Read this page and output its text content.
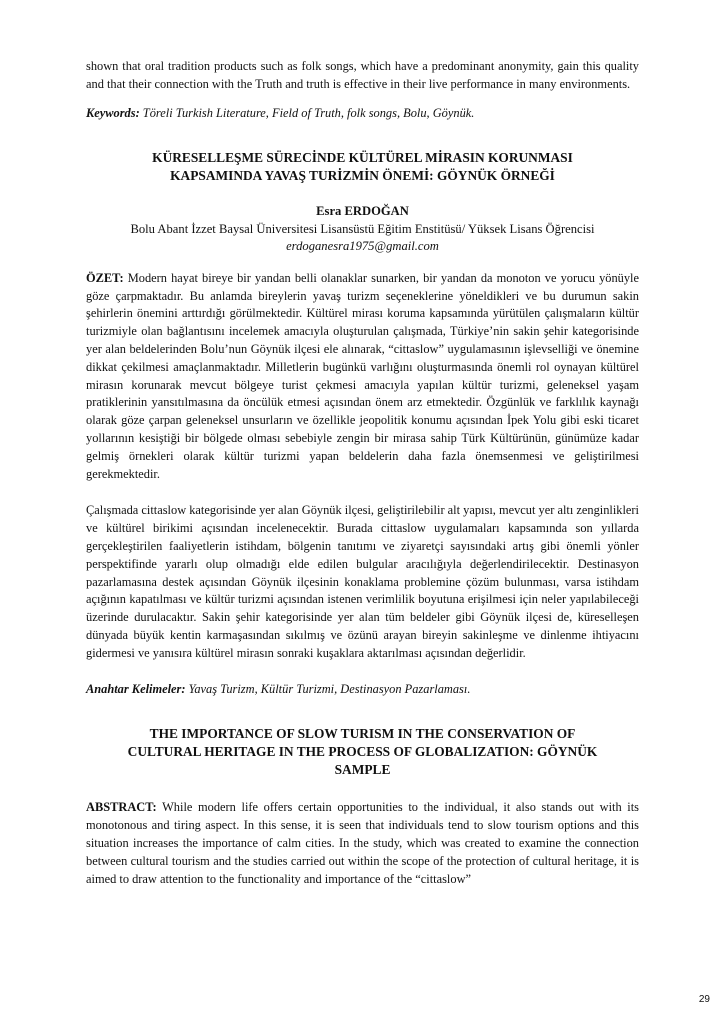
shown that oral tradition products such as folk songs, which have a predominant anonymity, gain this quality and that their connection with the Truth and truth is effective in their live performance in many environments.

Keywords: Töreli Turkish Literature, Field of Truth, folk songs, Bolu, Göynük.

KÜRESELLEŞME SÜRECİNDE KÜLTÜREL MİRASIN KORUNMASI
KAPSAMINDA YAVAŞ TURİZMİN ÖNEMİ: GÖYNÜK ÖRNEĞİ
Esra ERDOĞAN
Bolu Abant İzzet Baysal Üniversitesi Lisansüstü Eğitim Enstitüsü/ Yüksek Lisans Öğrencisi
erdoganesra1975@gmail.com

ÖZET: Modern hayat bireye bir yandan belli olanaklar sunarken, bir yandan da monoton ve yorucu yönüyle göze çarpmaktadır. Bu anlamda bireylerin yavaş turizm seçeneklerine yöneldikleri ve bu durumun sakin şehirlerin önemini arttırdığı görülmektedir. Kültürel mirası koruma kapsamında yürütülen çalışmaların kültür turizmiyle olan bağlantısını incelemek amacıyla oluşturulan çalışmada, Türkiye’nin sakin şehir kategorisinde yer alan beldelerinden Bolu’nun Göynük ilçesi ele alınarak, “cittaslow” uygulamasının işlevselliği ve önemine dikkat çekilmesi amaçlanmaktadır. Milletlerin bugünkü varlığını oluşturmasında önemli rol oynayan kültürel mirasın korunarak mevcut bölgeye turist çekmesi amacıyla yapılan kültür turizmi, geleneksel yaşam pratiklerinin yansıtılmasına da öncülük etmesi açısından önem arz etmektedir. Özgünlük ve farklılık kaynağı olarak göze çarpan geleneksel unsurların ve özellikle jeopolitik konumu açısından İpek Yolu gibi eski ticaret yollarının kesiştiği bir bölgede olması sebebiyle zengin bir mirasa sahip Türk Kültürünün, günümüze kadar gelmiş örnekleri olarak kültür turizmi yapan beldelerin daha fazla önemsenmesi ve geliştirilmesi gerekmektedir.

Çalışmada cittaslow kategorisinde yer alan Göynük ilçesi, geliştirilebilir alt yapısı, mevcut yer altı zenginlikleri ve kültürel birikimi açısından incelenecektir. Burada cittaslow uygulamaları kapsamında son yıllarda gerçekleştirilen faaliyetlerin istihdam, bölgenin tanıtımı ve ziyaretçi sayısındaki artış gibi önemli yönler perspektifinde yararlı olup olmadığı elde edilen bulgular aracılığıyla değerlendirilecektir. Destinasyon pazarlamasına destek açısından Göynük ilçesinin konaklama problemine çözüm bulunması, varsa istihdam açığının kapatılması ve kültür turizmi açısından istenen verimlilik boyutuna erişilmesi için neler yapılabileceği üzerinde durulacaktır. Sakin şehir kategorisinde yer alan tüm beldeler gibi Göynük ilçesi de, küreselleşen dünyada büyük kentin karmaşasından sıkılmış ve özünü arayan bireyin sakinleşme ve dinlenme ihtiyacını gidermesi ve yanısıra kültürel mirasın sonraki kuşaklara aktarılması açısından değerlidir.

Anahtar Kelimeler: Yavaş Turizm, Kültür Turizmi, Destinasyon Pazarlaması.

THE IMPORTANCE OF SLOW TURISM IN THE CONSERVATION OF
CULTURAL HERITAGE IN THE PROCESS OF GLOBALIZATION: GÖYNÜK
SAMPLE

ABSTRACT: While modern life offers certain opportunities to the individual, it also stands out with its monotonous and tiring aspect. In this sense, it is seen that individuals tend to slow tourism options and this situation increases the importance of calm cities. In the study, which was created to examine the connection between cultural tourism and the studies carried out within the scope of the protection of cultural heritage, it is aimed to draw attention to the functionality and importance of the “cittaslow”

29
